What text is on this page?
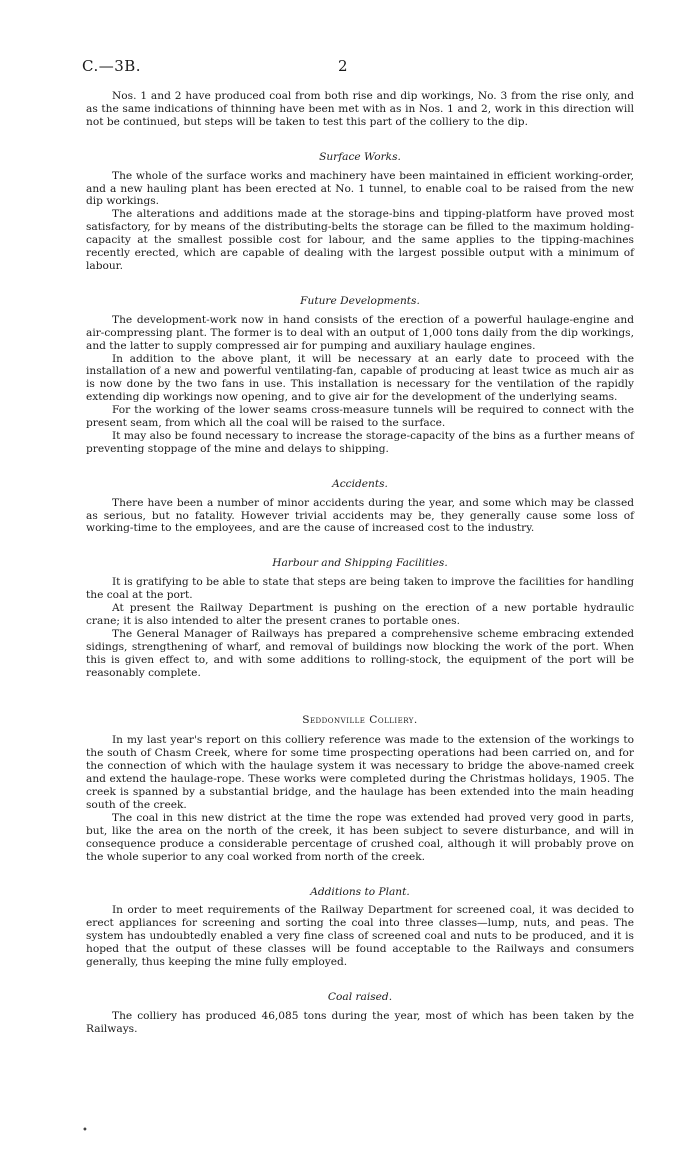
C.—3B.	2

Nos. 1 and 2 have produced coal from both rise and dip workings, No. 3 from the rise only, and as the same indications of thinning have been met with as in Nos. 1 and 2, work in this direction will not be continued, but steps will be taken to test this part of the colliery to the dip.

Surface Works.

The whole of the surface works and machinery have been maintained in efficient working-order, and a new hauling plant has been erected at No. 1 tunnel, to enable coal to be raised from the new dip workings.

The alterations and additions made at the storage-bins and tipping-platform have proved most satisfactory, for by means of the distributing-belts the storage can be filled to the maximum holding-capacity at the smallest possible cost for labour, and the same applies to the tipping-machines recently erected, which are capable of dealing with the largest possible output with a minimum of labour.

Future Developments.

The development-work now in hand consists of the erection of a powerful haulage-engine and air-compressing plant. The former is to deal with an output of 1,000 tons daily from the dip workings, and the latter to supply compressed air for pumping and auxiliary haulage engines.

In addition to the above plant, it will be necessary at an early date to proceed with the installation of a new and powerful ventilating-fan, capable of producing at least twice as much air as is now done by the two fans in use. This installation is necessary for the ventilation of the rapidly extending dip workings now opening, and to give air for the development of the underlying seams.

For the working of the lower seams cross-measure tunnels will be required to connect with the present seam, from which all the coal will be raised to the surface.

It may also be found necessary to increase the storage-capacity of the bins as a further means of preventing stoppage of the mine and delays to shipping.

Accidents.

There have been a number of minor accidents during the year, and some which may be classed as serious, but no fatality. However trivial accidents may be, they generally cause some loss of working-time to the employees, and are the cause of increased cost to the industry.

Harbour and Shipping Facilities.

It is gratifying to be able to state that steps are being taken to improve the facilities for handling the coal at the port.

At present the Railway Department is pushing on the erection of a new portable hydraulic crane; it is also intended to alter the present cranes to portable ones.

The General Manager of Railways has prepared a comprehensive scheme embracing extended sidings, strengthening of wharf, and removal of buildings now blocking the work of the port. When this is given effect to, and with some additions to rolling-stock, the equipment of the port will be reasonably complete.

Seddonville Colliery.

In my last year's report on this colliery reference was made to the extension of the workings to the south of Chasm Creek, where for some time prospecting operations had been carried on, and for the connection of which with the haulage system it was necessary to bridge the above-named creek and extend the haulage-rope. These works were completed during the Christmas holidays, 1905. The creek is spanned by a substantial bridge, and the haulage has been extended into the main heading south of the creek.

The coal in this new district at the time the rope was extended had proved very good in parts, but, like the area on the north of the creek, it has been subject to severe disturbance, and will in consequence produce a considerable percentage of crushed coal, although it will probably prove on the whole superior to any coal worked from north of the creek.

Additions to Plant.

In order to meet requirements of the Railway Department for screened coal, it was decided to erect appliances for screening and sorting the coal into three classes—lump, nuts, and peas. The system has undoubtedly enabled a very fine class of screened coal and nuts to be produced, and it is hoped that the output of these classes will be found acceptable to the Railways and consumers generally, thus keeping the mine fully employed.

Coal raised.

The colliery has produced 46,085 tons during the year, most of which has been taken by the Railways.

•
